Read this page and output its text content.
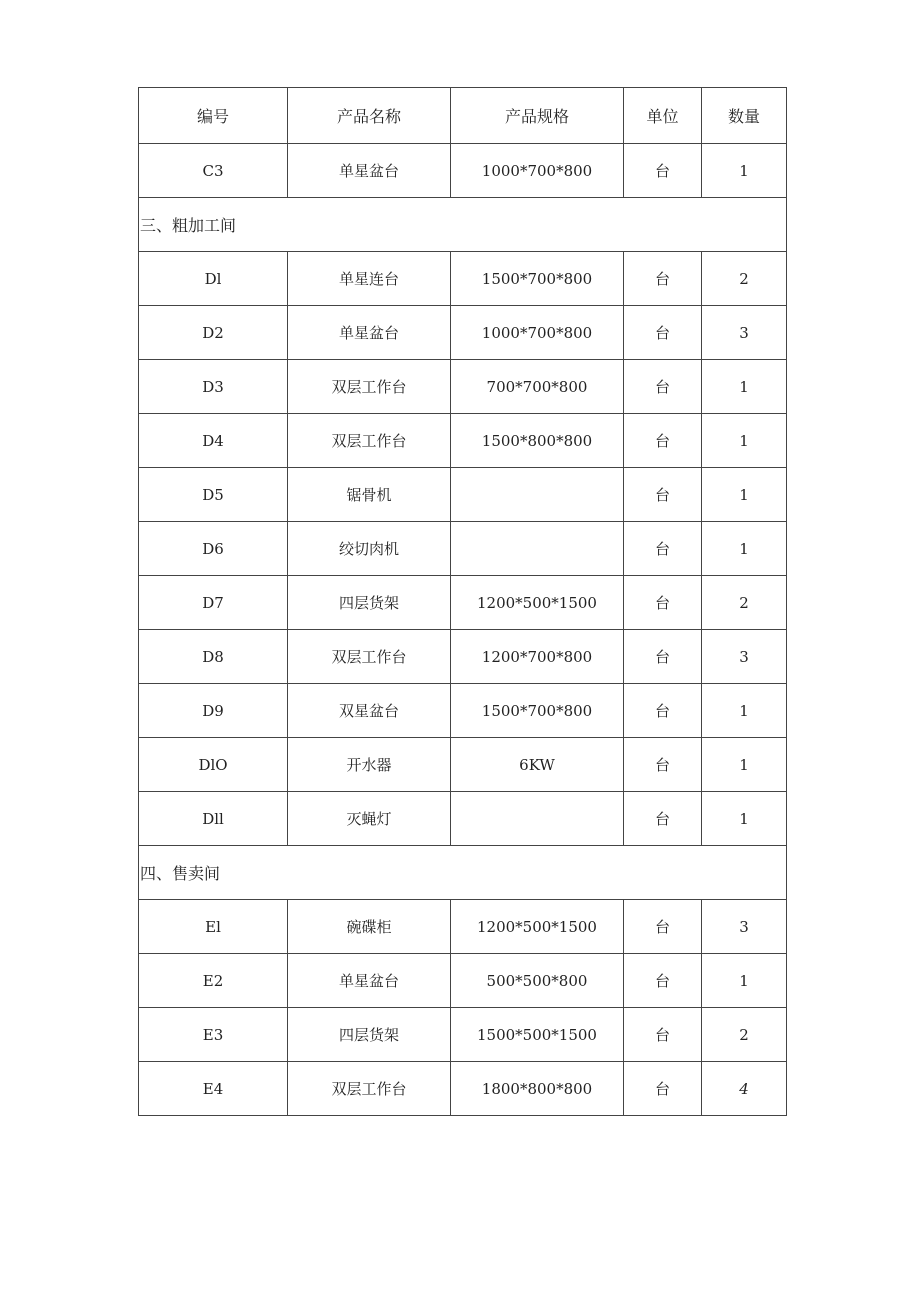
编号	产品名称	产品规格	单位	数量
C3	单星盆台	1000*700*800	台	1
三、粗加工间				
Dl	单星连台	1500*700*800	台	2
D2	单星盆台	1000*700*800	台	3
D3	双层工作台	700*700*800	台	1
D4	双层工作台	1500*800*800	台	1
D5	锯骨机		台	1
D6	绞切肉机		台	1
D7	四层货架	1200*500*1500	台	2
D8	双层工作台	1200*700*800	台	3
D9	双星盆台	1500*700*800	台	1
DlO	开水器	6KW	台	1
Dll	灭蝇灯		台	1
四、售卖间				
El	碗碟柜	1200*500*1500	台	3
E2	单星盆台	500*500*800	台	1
E3	四层货架	1500*500*1500	台	2
E4	双层工作台	1800*800*800	台	4
